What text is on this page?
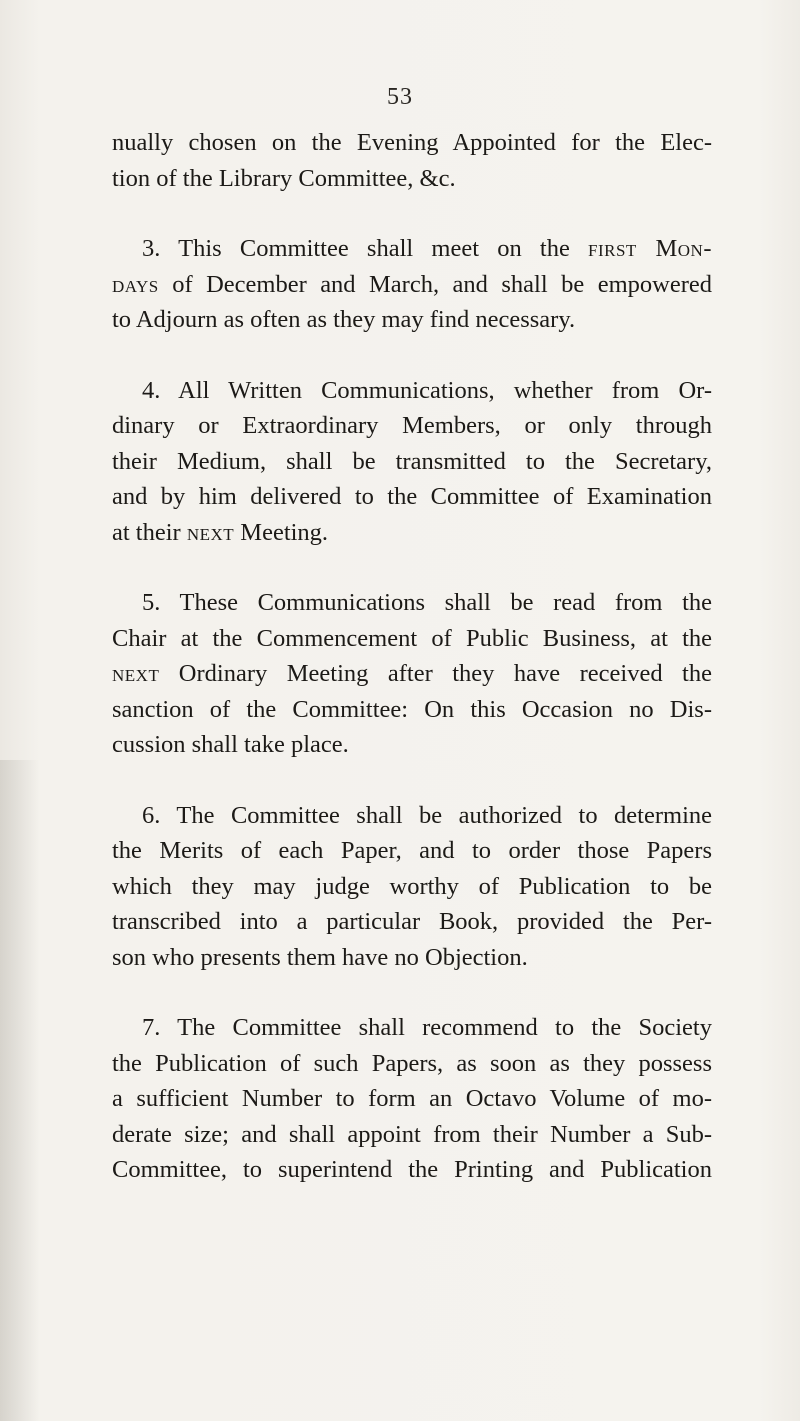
53
nually chosen on the Evening Appointed for the Elec-
tion of the Library Committee, &c.
3. This Committee shall meet on the first Mon-
days of December and March, and shall be empowered
to Adjourn as often as they may find necessary.
4. All Written Communications, whether from Or-
dinary or Extraordinary Members, or only through
their Medium, shall be transmitted to the Secretary,
and by him delivered to the Committee of Examination
at their next Meeting.
5. These Communications shall be read from the
Chair at the Commencement of Public Business, at the
next Ordinary Meeting after they have received the
sanction of the Committee: On this Occasion no Dis-
cussion shall take place.
6. The Committee shall be authorized to determine
the Merits of each Paper, and to order those Papers
which they may judge worthy of Publication to be
transcribed into a particular Book, provided the Per-
son who presents them have no Objection.
7. The Committee shall recommend to the Society
the Publication of such Papers, as soon as they possess
a sufficient Number to form an Octavo Volume of mo-
derate size; and shall appoint from their Number a Sub-
Committee, to superintend the Printing and Publication
